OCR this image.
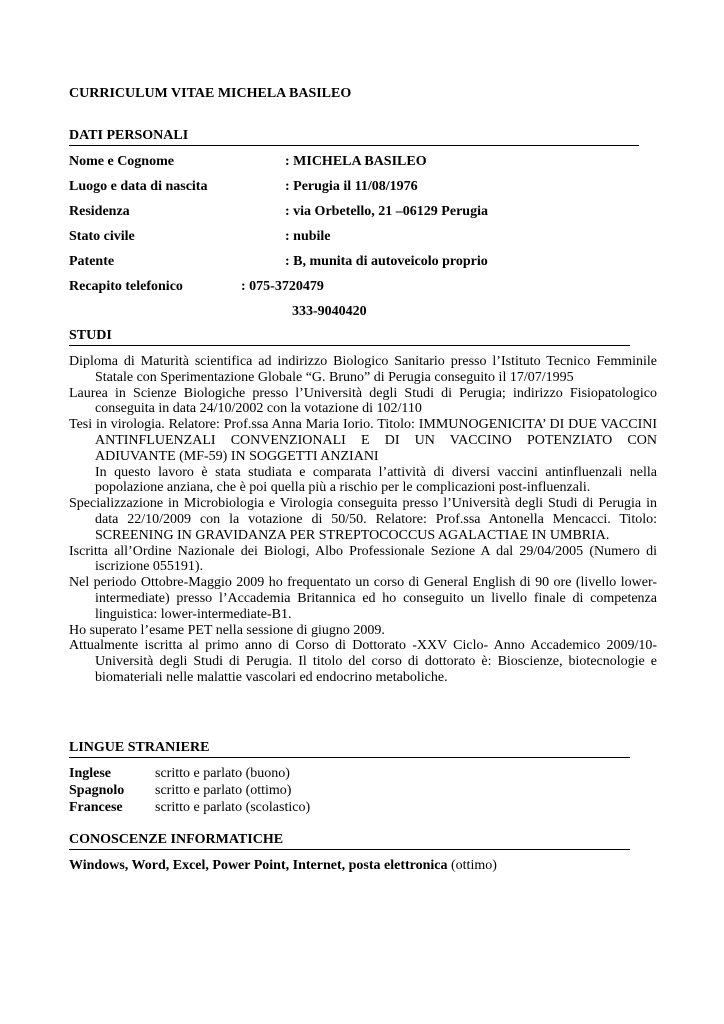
CURRICULUM VITAE MICHELA BASILEO
DATI PERSONALI
Nome e Cognome	: MICHELA BASILEO
Luogo e data di nascita	: Perugia il 11/08/1976
Residenza	: via Orbetello, 21 –06129 Perugia
Stato civile	: nubile
Patente	: B, munita di autoveicolo proprio
Recapito telefonico	: 075-3720479
333-9040420
STUDI

Diploma di Maturità scientifica ad indirizzo Biologico Sanitario presso l’Istituto Tecnico Femminile Statale con Sperimentazione Globale “G. Bruno” di Perugia conseguito il 17/07/1995

Laurea in Scienze Biologiche presso l’Università degli Studi di Perugia; indirizzo Fisiopatologico conseguita in data 24/10/2002 con la votazione di 102/110

Tesi in virologia. Relatore: Prof.ssa Anna Maria Iorio. Titolo: IMMUNOGENICITA’ DI DUE VACCINI ANTINFLUENZALI CONVENZIONALI E DI UN VACCINO POTENZIATO CON ADIUVANTE (MF-59) IN SOGGETTI ANZIANI

In questo lavoro è stata studiata e comparata l’attività di diversi vaccini antinfluenzali nella popolazione anziana, che è poi quella più a rischio per le complicazioni post-influenzali.

Specializzazione in Microbiologia e Virologia conseguita presso l’Università degli Studi di Perugia in data 22/10/2009 con la votazione di 50/50. Relatore: Prof.ssa Antonella Mencacci. Titolo: SCREENING IN GRAVIDANZA PER STREPTOCOCCUS AGALACTIAE IN UMBRIA.

Iscritta all’Ordine Nazionale dei Biologi, Albo Professionale Sezione A dal 29/04/2005 (Numero di iscrizione 055191).

Nel periodo Ottobre-Maggio 2009 ho frequentato un corso di General English di 90 ore (livello lower-intermediate) presso l’Accademia Britannica ed ho conseguito un livello finale di competenza linguistica: lower-intermediate-B1.

Ho superato l’esame PET nella sessione di giugno 2009.

Attualmente iscritta al primo anno di Corso di Dottorato -XXV Ciclo- Anno Accademico 2009/10- Università degli Studi di Perugia. Il titolo del corso di dottorato è: Bioscienze, biotecnologie e biomateriali nelle malattie vascolari ed endocrino metaboliche.

LINGUE STRANIERE
Inglese	scritto e parlato (buono)
Spagnolo scritto e parlato (ottimo)
Francese scritto e parlato (scolastico)
CONOSCENZE INFORMATICHE
Windows, Word, Excel, Power Point, Internet, posta elettronica (ottimo)
